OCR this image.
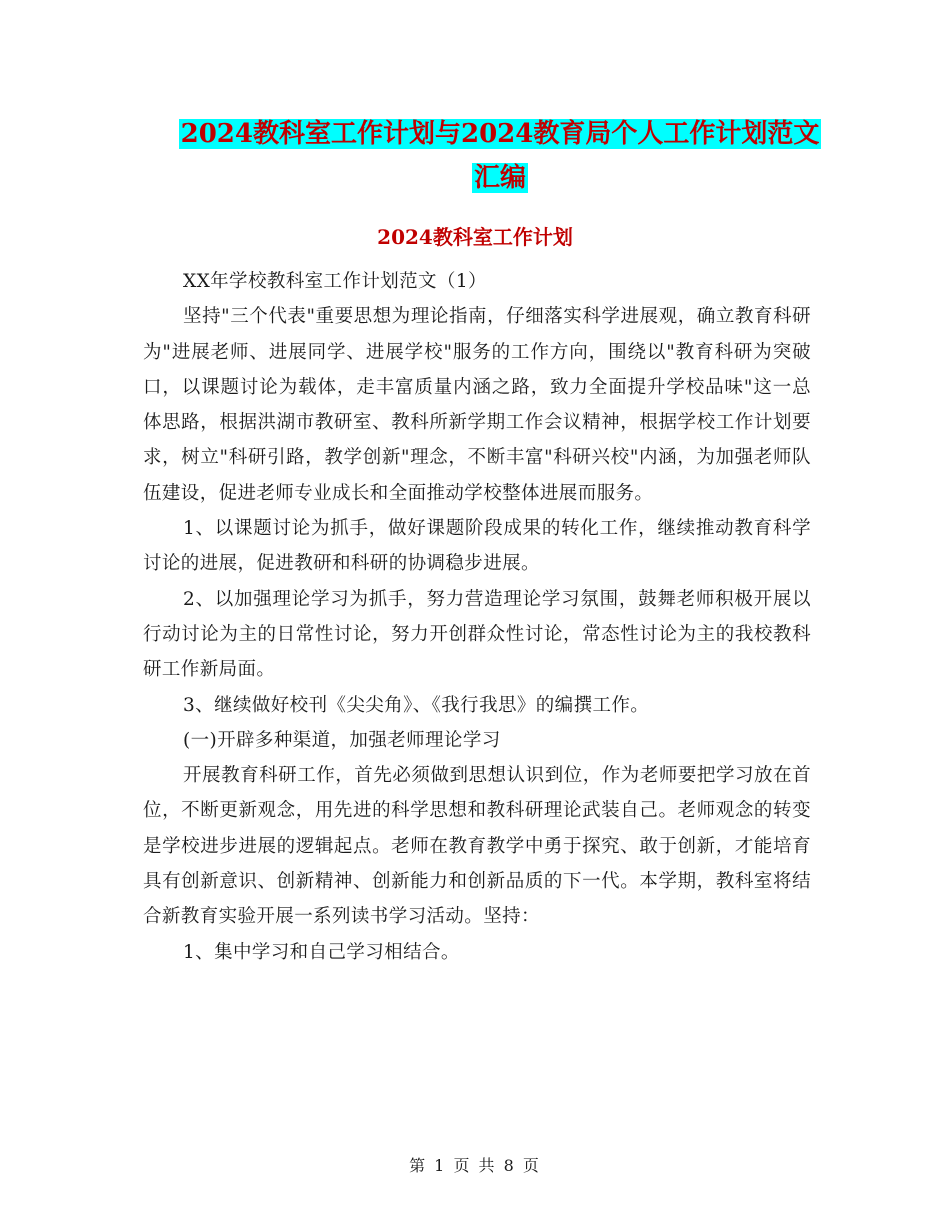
2024教科室工作计划与2024教育局个人工作计划范文
汇编
2024教科室工作计划

XX年学校教科室工作计划范文（1）

坚持"三个代表"重要思想为理论指南，仔细落实科学进展观，确立教育科研为"进展老师、进展同学、进展学校"服务的工作方向，围绕以"教育科研为突破口，以课题讨论为载体，走丰富质量内涵之路，致力全面提升学校品味"这一总体思路，根据洪湖市教研室、教科所新学期工作会议精神，根据学校工作计划要求，树立"科研引路，教学创新"理念，不断丰富"科研兴校"内涵，为加强老师队伍建设，促进老师专业成长和全面推动学校整体进展而服务。

1、以课题讨论为抓手，做好课题阶段成果的转化工作，继续推动教育科学讨论的进展，促进教研和科研的协调稳步进展。

2、以加强理论学习为抓手，努力营造理论学习氛围，鼓舞老师积极开展以行动讨论为主的日常性讨论，努力开创群众性讨论，常态性讨论为主的我校教科研工作新局面。

3、继续做好校刊《尖尖角》、《我行我思》的编撰工作。

(一)开辟多种渠道，加强老师理论学习

开展教育科研工作，首先必须做到思想认识到位，作为老师要把学习放在首位，不断更新观念，用先进的科学思想和教科研理论武装自己。老师观念的转变是学校进步进展的逻辑起点。老师在教育教学中勇于探究、敢于创新，才能培育具有创新意识、创新精神、创新能力和创新品质的下一代。本学期，教科室将结合新教育实验开展一系列读书学习活动。坚持：

1、集中学习和自己学习相结合。

第 1 页 共 8 页
